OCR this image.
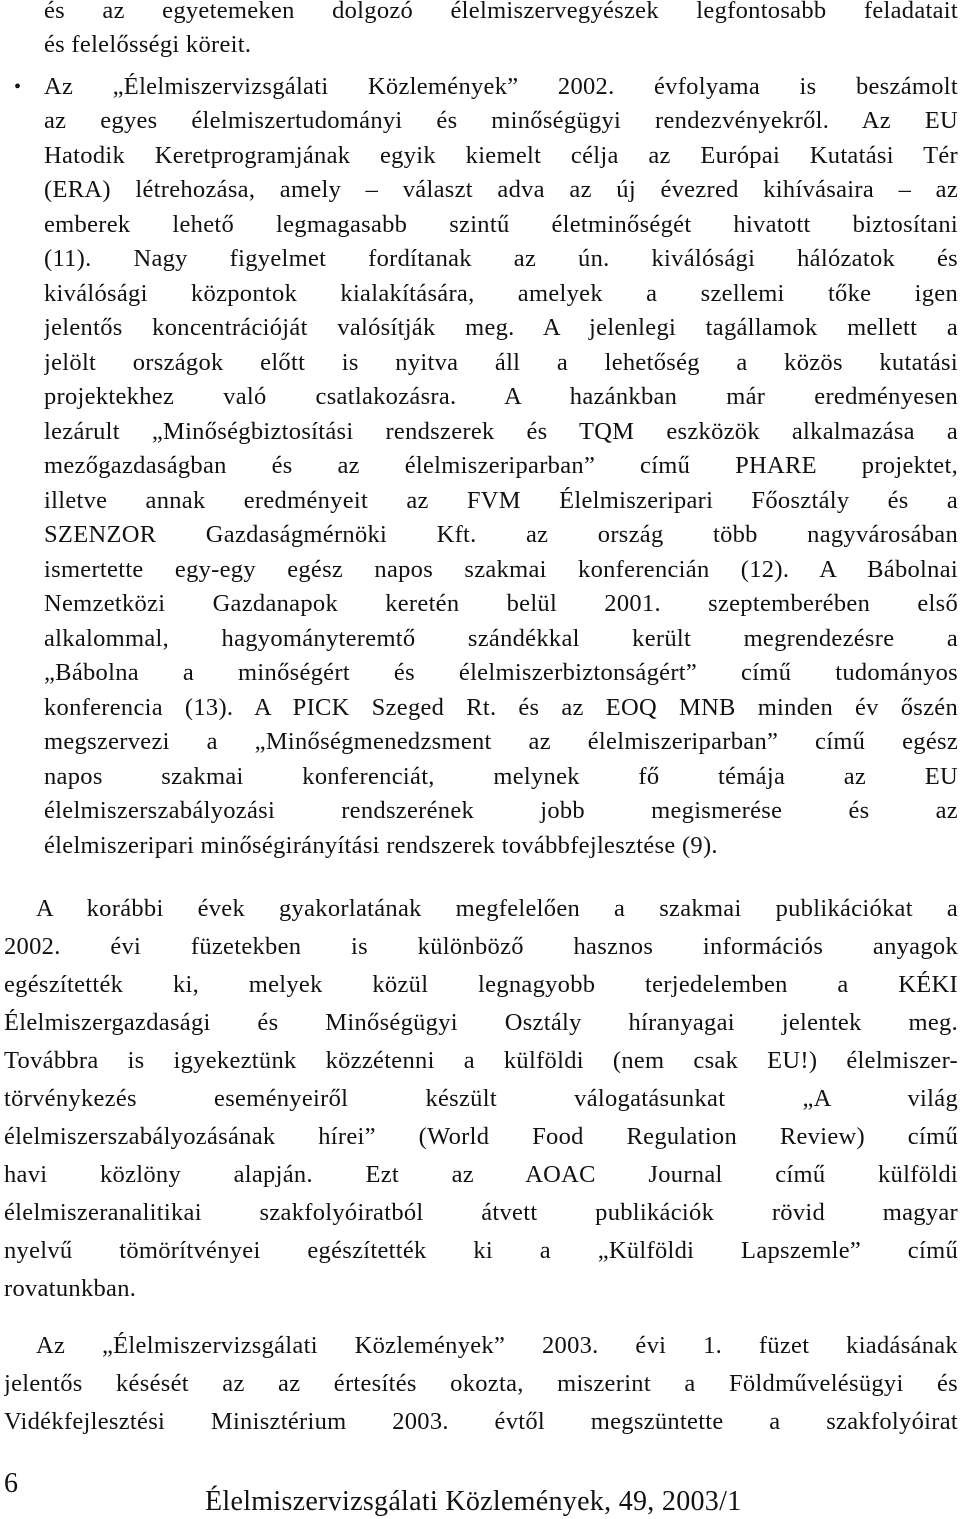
és az egyetemeken dolgozó élelmiszervegyészek legfontosabb feladatait
és felelősségi köreit.
• Az „Élelmiszervizsgálati Közlemények” 2002. évfolyama is beszámolt
az egyes élelmiszertudományi és minőségügyi rendezvényekről. Az EU
Hatodik Keretprogramjának egyik kiemelt célja az Európai Kutatási Tér
(ERA) létrehozása, amely – választ adva az új évezred kihívásaira – az
emberek lehető legmagasabb szintű életminőségét hivatott biztosítani
(11). Nagy figyelmet fordítanak az ún. kiválósági hálózatok és
kiválósági központok kialakítására, amelyek a szellemi tőke igen
jelentős koncentrációját valósítják meg. A jelenlegi tagállamok mellett a
jelölt országok előtt is nyitva áll a lehetőség a közös kutatási
projektekhez való csatlakozásra. A hazánkban már eredményesen
lezárult „Minőségbiztosítási rendszerek és TQM eszközök alkalmazása a
mezőgazdaságban és az élelmiszeriparban” című PHARE projektet,
illetve annak eredményeit az FVM Élelmiszeripari Főosztály és a
SZENZOR Gazdaságmérnöki Kft. az ország több nagyvárosában
ismertette egy-egy egész napos szakmai konferencián (12). A Bábolnai
Nemzetközi Gazdanapok keretén belül 2001. szeptemberében első
alkalommal, hagyományteremtő szándékkal került megrendezésre a
„Bábolna a minőségért és élelmiszerbiztonságért” című tudományos
konferencia (13). A PICK Szeged Rt. és az EOQ MNB minden év őszén
megszervezi a „Minőségmenedzsment az élelmiszeriparban” című egész
napos szakmai konferenciát, melynek fő témája az EU
élelmiszerszabályozási rendszerének jobb megismerése és az
élelmiszeripari minőségirányítási rendszerek továbbfejlesztése (9).
A korábbi évek gyakorlatának megfelelően a szakmai publikációkat a
2002. évi füzetekben is különböző hasznos információs anyagok
egészítették ki, melyek közül legnagyobb terjedelemben a KÉKI
Élelmiszergazdasági és Minőségügyi Osztály híranyagai jelentek meg.
Továbbra is igyekeztünk közzétenni a külföldi (nem csak EU!) élelmiszer-
törvénykezés eseményeiről készült válogatásunkat „A világ
élelmiszerszabályozásának hírei” (World Food Regulation Review) című
havi közlöny alapján. Ezt az AOAC Journal című külföldi
élelmiszeranalitikai szakfolyóiratból átvett publikációk rövid magyar
nyelvű tömörítvényei egészítették ki a „Külföldi Lapszemle” című
rovatunkban.
Az „Élelmiszervizsgálati Közlemények” 2003. évi 1. füzet kiadásának
jelentős késését az az értesítés okozta, miszerint a Földművelésügyi és
Vidékfejlesztési Minisztérium 2003. évtől megszüntette a szakfolyóirat
6
Élelmiszervizsgálati Közlemények, 49, 2003/1
